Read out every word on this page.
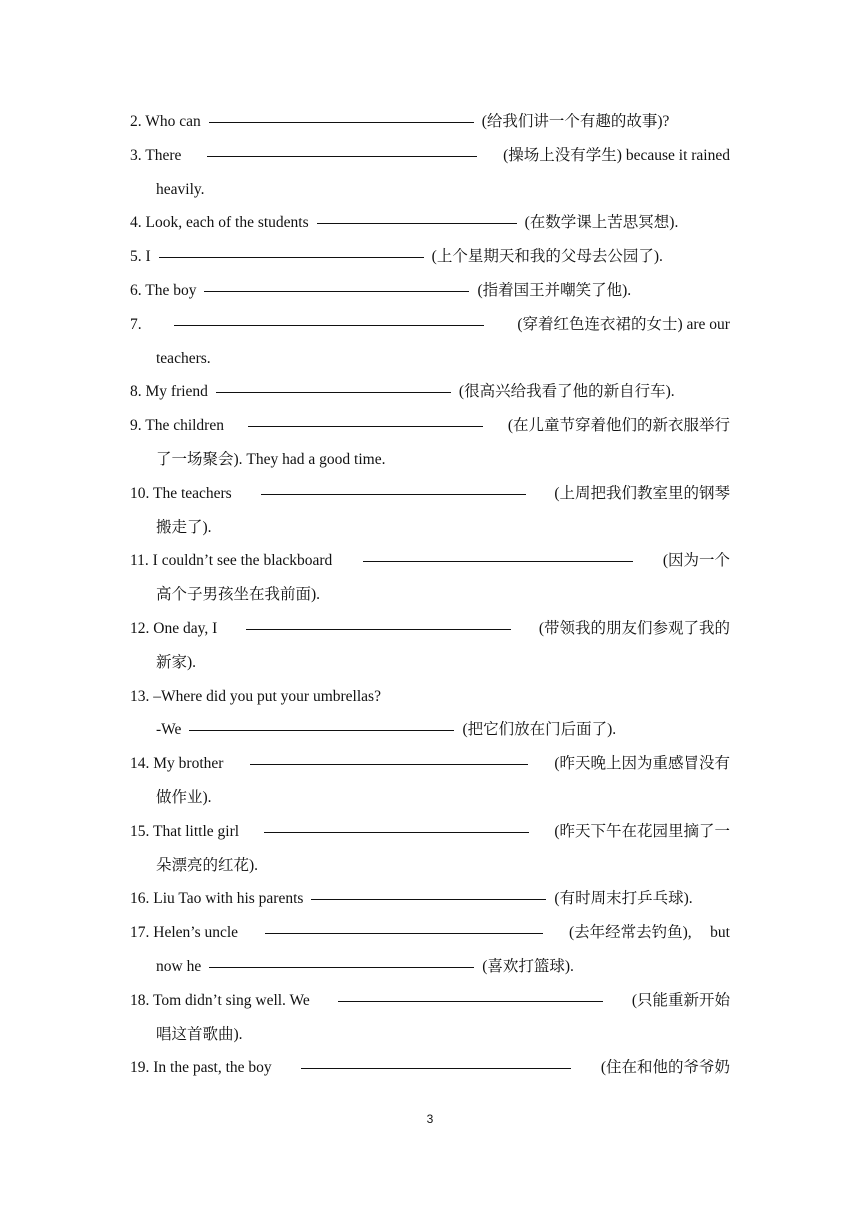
2. Who can	(给我们讲一个有趣的故事)?
3. There	(操场上没有学生) because it rained
heavily.
4. Look, each of the students	(在数学课上苦思冥想).
5. I	(上个星期天和我的父母去公园了).
6. The boy	(指着国王并嘲笑了他).
7.	(穿着红色连衣裙的女士) are our
teachers.
8. My friend	(很高兴给我看了他的新自行车).
9. The children	(在儿童节穿着他们的新衣服举行
了一场聚会). They had a good time.
10. The teachers	(上周把我们教室里的钢琴
搬走了).
11. I couldn’t see the blackboard	(因为一个
高个子男孩坐在我前面).
12. One day, I	(带领我的朋友们参观了我的
新家).
13. –Where did you put your umbrellas?
-We	(把它们放在门后面了).
14. My brother	(昨天晚上因为重感冒没有
做作业).
15. That little girl	(昨天下午在花园里摘了一
朵漂亮的红花).
16. Liu Tao with his parents	(有时周末打乒乓球).
17. Helen’s uncle	(去年经常去钓鱼), but
now he	(喜欢打篮球).
18. Tom didn’t sing well. We	(只能重新开始
唱这首歌曲).
19. In the past, the boy	(住在和他的爷爷奶
3
